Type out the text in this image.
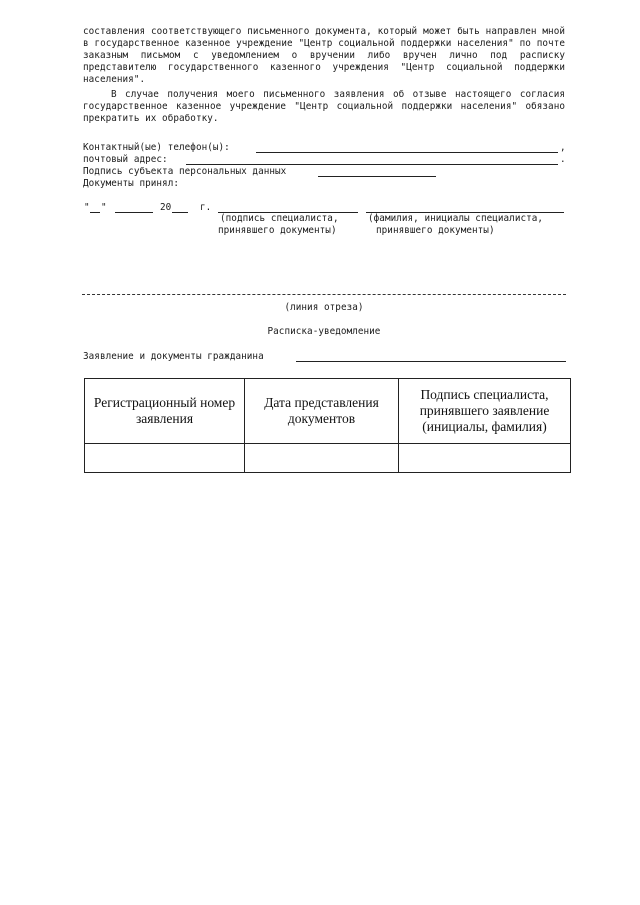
составления соответствующего письменного документа, который может быть направлен мной в государственное казенное учреждение "Центр социальной поддержки населения" по почте заказным письмом с уведомлением о вручении либо вручен лично под расписку представителю государственного казенного учреждения "Центр социальной поддержки населения".
В случае получения моего письменного заявления об отзыве настоящего согласия государственное казенное учреждение "Центр социальной поддержки населения" обязано прекратить их обработку.
Контактный(ые) телефон(ы):	,
почтовый адрес:	.
Подпись субъекта персональных данных
Документы принял:
" "	20	г.
(подпись специалиста,
принявшего документы)
(фамилия, инициалы специалиста,
принявшего документы)
(линия отреза)
Расписка-уведомление
Заявление и документы гражданина
Регистрационный номер заявления	Дата представления документов	Подпись специалиста, принявшего заявление (инициалы, фамилия)
